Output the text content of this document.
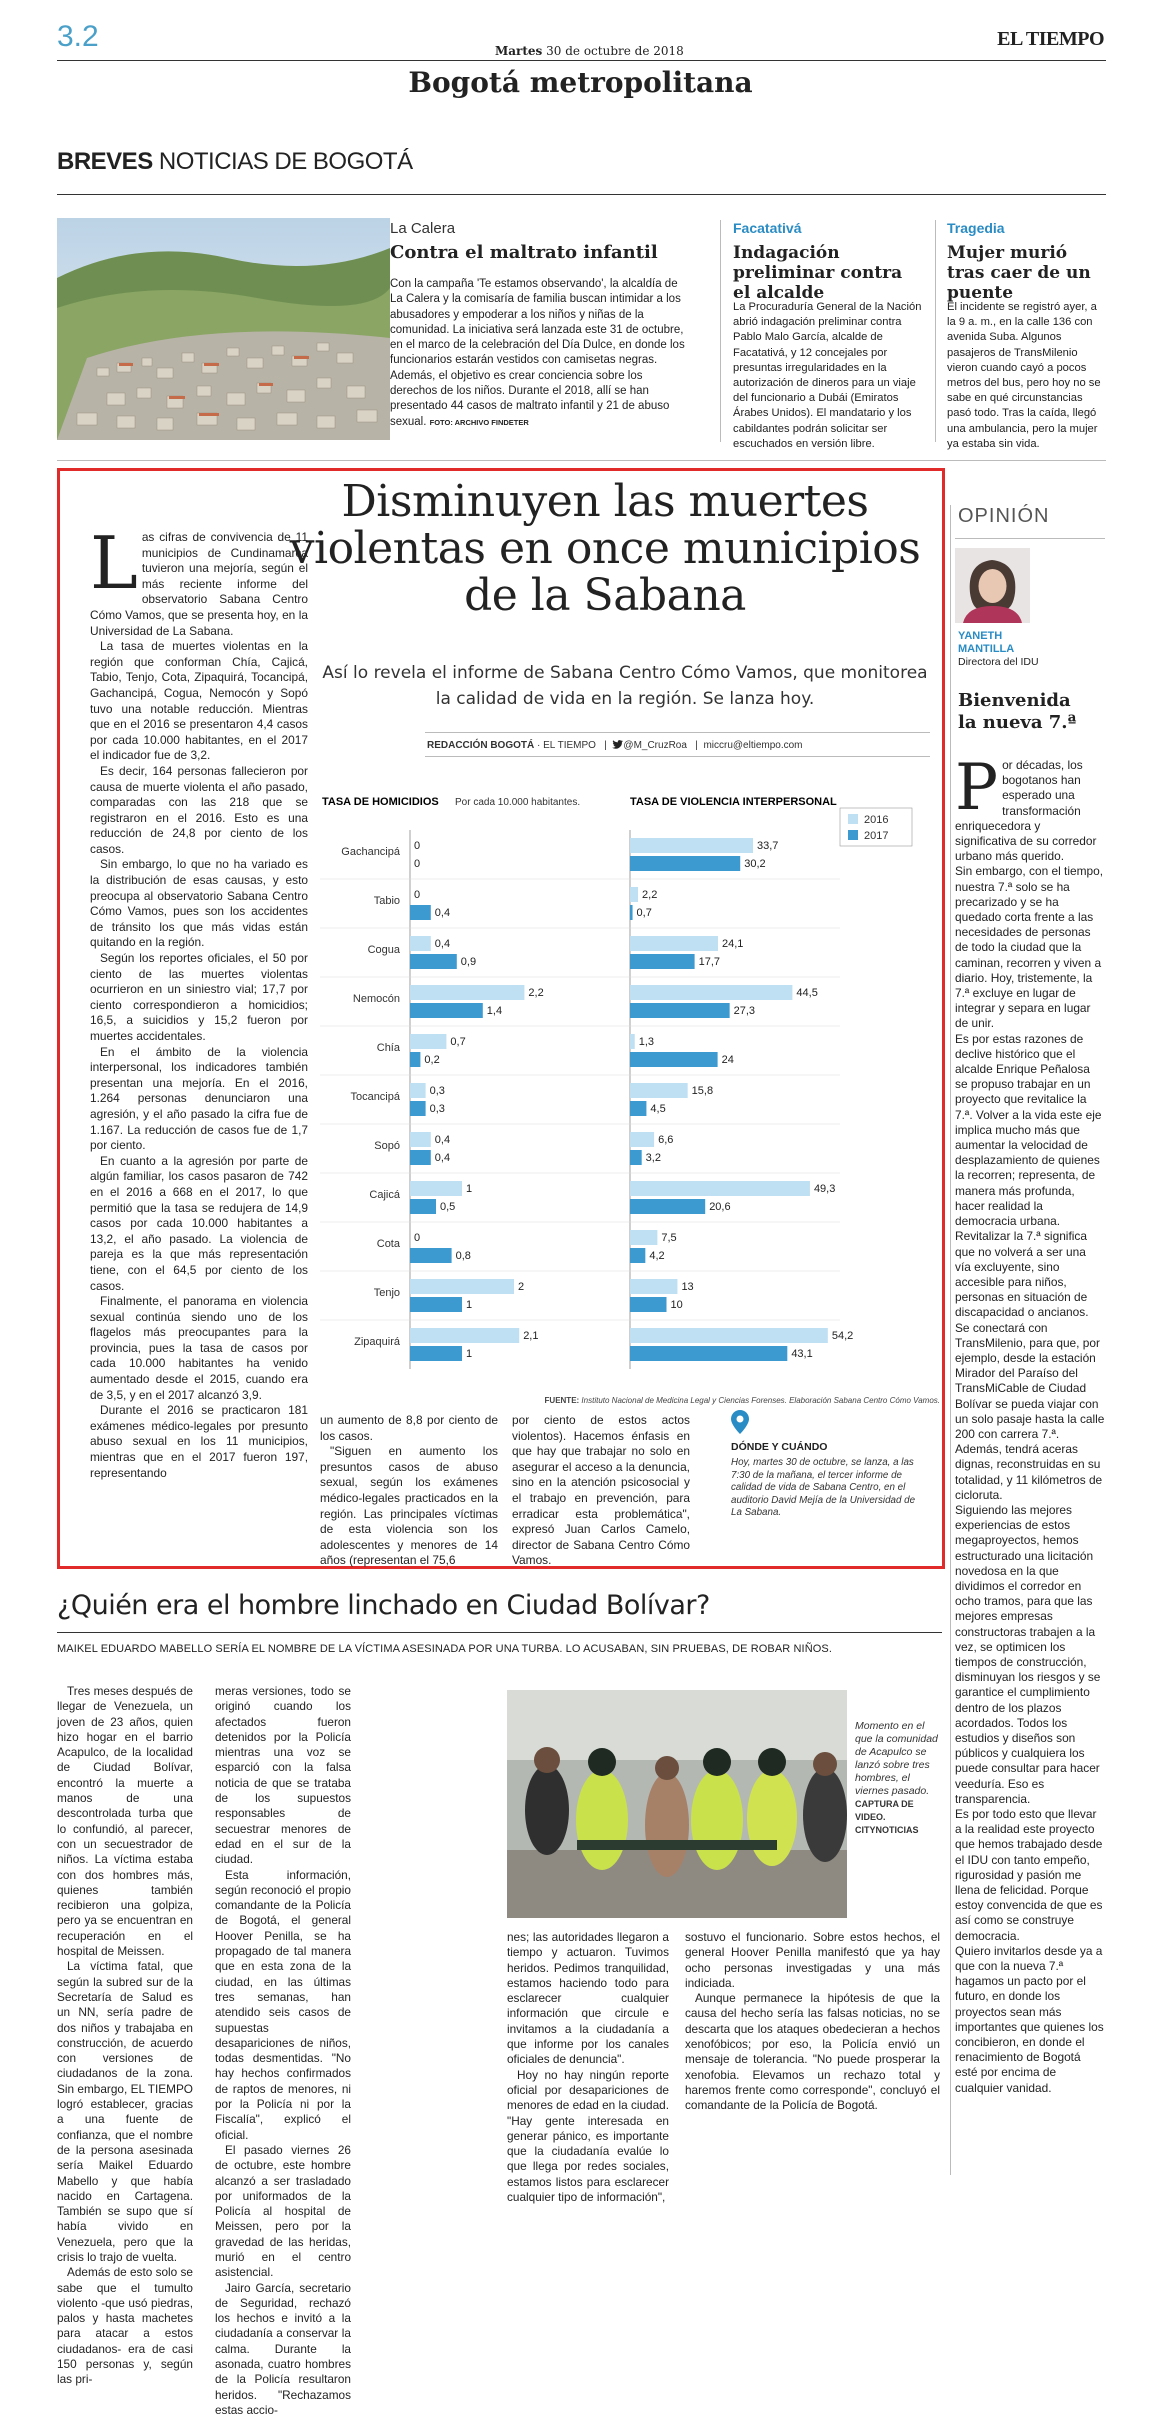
3.2	Martes 30 de octubre de 2018
EL TIEMPO
Bogotá metropolitana
BREVES NOTICIAS DE BOGOTÁ
La Calera
Contra el maltrato infantil
Con la campaña 'Te estamos observando', la alcaldía de La Calera y la comisaría de familia buscan intimidar a los abusadores y empoderar a los niños y niñas de la comunidad. La iniciativa será lanzada este 31 de octubre, en el marco de la celebración del Día Dulce, en donde los funcionarios estarán vestidos con camisetas negras. Además, el objetivo es crear conciencia sobre los derechos de los niños. Durante el 2018, allí se han presentado 44 casos de maltrato infantil y 21 de abuso sexual. FOTO: ARCHIVO FINDETER
Facatativá
Indagación preliminar contra el alcalde
La Procuraduría General de la Nación abrió indagación preliminar contra Pablo Malo García, alcalde de Facatativá, y 12 concejales por presuntas irregularidades en la autorización de dineros para un viaje del funcionario a Dubái (Emiratos Árabes Unidos). El mandatario y los cabildantes podrán solicitar ser escuchados en versión libre.
Tragedia
Mujer murió tras caer de un puente
El incidente se registró ayer, a la 9 a. m., en la calle 136 con avenida Suba. Algunos pasajeros de TransMilenio vieron cuando cayó a pocos metros del bus, pero hoy no se sabe en qué circunstancias pasó todo. Tras la caída, llegó una ambulancia, pero la mujer ya estaba sin vida.
Disminuyen las muertes violentas en once municipios de la Sabana
Así lo revela el informe de Sabana Centro Cómo Vamos, que monitorea la calidad de vida en la región. Se lanza hoy.
REDACCIÓN BOGOTÁ · EL TIEMPO   |  @M_CruzRoa   |  miccru@eltiempo.com
L as cifras de convivencia de 11 municipios de Cundinamarca tuvieron una mejoría, según el más reciente informe del observatorio Sabana Centro Cómo Vamos, que se presenta hoy, en la Universidad de La Sabana.

La tasa de muertes violentas en la región que conforman Chía, Cajicá, Tabio, Tenjo, Cota, Zipaquirá, Tocancipá, Gachancipá, Cogua, Nemocón y Sopó tuvo una notable reducción. Mientras que en el 2016 se presentaron 4,4 casos por cada 10.000 habitantes, en el 2017 el indicador fue de 3,2.

Es decir, 164 personas fallecieron por causa de muerte violenta el año pasado, comparadas con las 218 que se registraron en el 2016. Esto es una reducción de 24,8 por ciento de los casos.

Sin embargo, lo que no ha variado es la distribución de esas causas, y esto preocupa al observatorio Sabana Centro Cómo Vamos, pues son los accidentes de tránsito los que más vidas están quitando en la región.

Según los reportes oficiales, el 50 por ciento de las muertes violentas ocurrieron en un siniestro vial; 17,7 por ciento correspondieron a homicidios; 16,5, a suicidios y 15,2 fueron por muertes accidentales.

En el ámbito de la violencia interpersonal, los indicadores también presentan una mejoría. En el 2016, 1.264 personas denunciaron una agresión, y el año pasado la cifra fue de 1.167. La reducción de casos fue de 1,7 por ciento.

En cuanto a la agresión por parte de algún familiar, los casos pasaron de 742 en el 2016 a 668 en el 2017, lo que permitió que la tasa se redujera de 14,9 casos por cada 10.000 habitantes a 13,2, el año pasado. La violencia de pareja es la que más representación tiene, con el 64,5 por ciento de los casos.

Finalmente, el panorama en violencia sexual continúa siendo uno de los flagelos más preocupantes para la provincia, pues la tasa de casos por cada 10.000 habitantes ha venido aumentado desde el 2015, cuando era de 3,5, y en el 2017 alcanzó 3,9.

Durante el 2016 se practicaron 181 exámenes médico-legales por presunto abuso sexual en los 11 municipios, mientras que en el 2017 fueron 197, representando

TASA DE HOMICIDIOS Por cada 10.000 habitantes.	TASA DE VIOLENCIA INTERPERSONAL
2016
2017
Gachancipá 0	33,7
0	30,2
Tabio 0	2,2
0,4	0,7
Cogua	0,4	24,1
0,9	17,7
Nemocón	2,2	44,5
1,4	27,3
Chía	0,7	1,3
0,2	24
Tocancipá	0,3	15,8
0,3	4,5
Sopó	0,4	6,6
0,4	3,2
Cajicá	1	49,3
0,5	20,6
Cota 0	7,5
0,8	4,2
Tenjo	2	13
1	10
Zipaquirá	2,1	54,2
1	43,1
FUENTE: Instituto Nacional de Medicina Legal y Ciencias Forenses. Elaboración Sabana Centro Cómo Vamos.

un aumento de 8,8 por ciento de los casos.

"Siguen en aumento los presuntos casos de abuso sexual, según los exámenes médico-legales practicados en la región. Las principales víctimas de esta violencia son los adolescentes y menores de 14 años (representan el 75,6

por ciento de estos actos violentos). Hacemos énfasis en que hay que trabajar no solo en asegurar el acceso a la denuncia, sino en la atención psicosocial y el trabajo en prevención, para erradicar esta problemática", expresó Juan Carlos Camelo, director de Sabana Centro Cómo Vamos.

DÓNDE Y CUÁNDO
Hoy, martes 30 de octubre, se lanza, a las 7:30 de la mañana, el tercer informe de calidad de vida de Sabana Centro, en el auditorio David Mejía de la Universidad de La Sabana.
OPINIÓN
YANETH
MANTILLA
Directora del IDU
Bienvenida
la nueva 7.ª
P or décadas, los bogotanos han esperado una transformación enriquecedora y significativa de su corredor urbano más querido.

Sin embargo, con el tiempo, nuestra 7.ª solo se ha precarizado y se ha quedado corta frente a las necesidades de personas de todo la ciudad que la caminan, recorren y viven a diario. Hoy, tristemente, la 7.ª excluye en lugar de integrar y separa en lugar de unir.

Es por estas razones de declive histórico que el alcalde Enrique Peñalosa se propuso trabajar en un proyecto que revitalice la 7.ª. Volver a la vida este eje implica mucho más que aumentar la velocidad de desplazamiento de quienes la recorren; representa, de manera más profunda, hacer realidad la democracia urbana.

Revitalizar la 7.ª significa que no volverá a ser una vía excluyente, sino accesible para niños, personas en situación de discapacidad o ancianos. Se conectará con TransMilenio, para que, por ejemplo, desde la estación Mirador del Paraíso del TransMiCable de Ciudad Bolívar se pueda viajar con un solo pasaje hasta la calle 200 con carrera 7.ª. Además, tendrá aceras dignas, reconstruidas en su totalidad, y 11 kilómetros de cicloruta.

Siguiendo las mejores experiencias de estos megaproyectos, hemos estructurado una licitación novedosa en la que dividimos el corredor en ocho tramos, para que las mejores empresas constructoras trabajen a la vez, se optimicen los tiempos de construcción, disminuyan los riesgos y se garantice el cumplimiento dentro de los plazos acordados. Todos los estudios y diseños son públicos y cualquiera los puede consultar para hacer veeduría. Eso es transparencia.

Es por todo esto que llevar a la realidad este proyecto que hemos trabajado desde el IDU con tanto empeño, rigurosidad y pasión me llena de felicidad. Porque estoy convencida de que es así como se construye democracia.

Quiero invitarlos desde ya a que con la nueva 7.ª hagamos un pacto por el futuro, en donde los proyectos sean más importantes que quienes los concibieron, en donde el renacimiento de Bogotá esté por encima de cualquier vanidad.

¿Quién era el hombre linchado en Ciudad Bolívar?
MAIKEL EDUARDO MABELLO SERÍA EL NOMBRE DE LA VÍCTIMA ASESINADA POR UNA TURBA. LO ACUSABAN, SIN PRUEBAS, DE ROBAR NIÑOS.

Tres meses después de llegar de Venezuela, un joven de 23 años, quien hizo hogar en el barrio Acapulco, de la localidad de Ciudad Bolívar, encontró la muerte a manos de una descontrolada turba que lo confundió, al parecer, con un secuestrador de niños. La víctima estaba con dos hombres más, quienes también recibieron una golpiza, pero ya se encuentran en recuperación en el hospital de Meissen.

La víctima fatal, que según la subred sur de la Secretaría de Salud es un NN, sería padre de dos niños y trabajaba en construcción, de acuerdo con versiones de ciudadanos de la zona. Sin embargo, EL TIEMPO logró establecer, gracias a una fuente de confianza, que el nombre de la persona asesinada sería Maikel Eduardo Mabello y que había nacido en Cartagena. También se supo que sí había vivido en Venezuela, pero que la crisis lo trajo de vuelta.

Además de esto solo se sabe que el tumulto violento -que usó piedras, palos y hasta machetes para atacar a estos ciudadanos- era de casi 150 personas y, según las pri-

meras versiones, todo se originó cuando los afectados fueron detenidos por la Policía mientras una voz se esparció con la falsa noticia de que se trataba de los supuestos responsables de secuestrar menores de edad en el sur de la ciudad.

Esta información, según reconoció el propio comandante de la Policía de Bogotá, el general Hoover Penilla, se ha propagado de tal manera que en esta zona de la ciudad, en las últimas tres semanas, han atendido seis casos de supuestas desapariciones de niños, todas desmentidas. "No hay hechos confirmados de raptos de menores, ni por la Policía ni por la Fiscalía", explicó el oficial.

El pasado viernes 26 de octubre, este hombre alcanzó a ser trasladado por uniformados de la Policía al hospital de Meissen, pero por la gravedad de las heridas, murió en el centro asistencial.

Jairo García, secretario de Seguridad, rechazó los hechos e invitó a la ciudadanía a conservar la calma. Durante la asonada, cuatro hombres de la Policía resultaron heridos. "Rechazamos estas accio-

Momento en el que la comunidad de Acapulco se lanzó sobre tres hombres, el viernes pasado.
CAPTURA DE VIDEO. CITYNOTICIAS

nes; las autoridades llegaron a tiempo y actuaron. Tuvimos heridos. Pedimos tranquilidad, estamos haciendo todo para esclarecer cualquier información que circule e invitamos a la ciudadanía a que informe por los canales oficiales de denuncia".

Hoy no hay ningún reporte oficial por desapariciones de menores de edad en la ciudad. "Hay gente interesada en generar pánico, es importante que la ciudadanía evalúe lo que llega por redes sociales, estamos listos para esclarecer cualquier tipo de información",

sostuvo el funcionario. Sobre estos hechos, el general Hoover Penilla manifestó que ya hay ocho personas investigadas y una más indiciada.

Aunque permanece la hipótesis de que la causa del hecho sería las falsas noticias, no se descarta que los ataques obedecieran a hechos xenofóbicos; por eso, la Policía envió un mensaje de tolerancia. "No puede prosperar la xenofobia. Elevamos un rechazo total y haremos frente como corresponde", concluyó el comandante de la Policía de Bogotá.
